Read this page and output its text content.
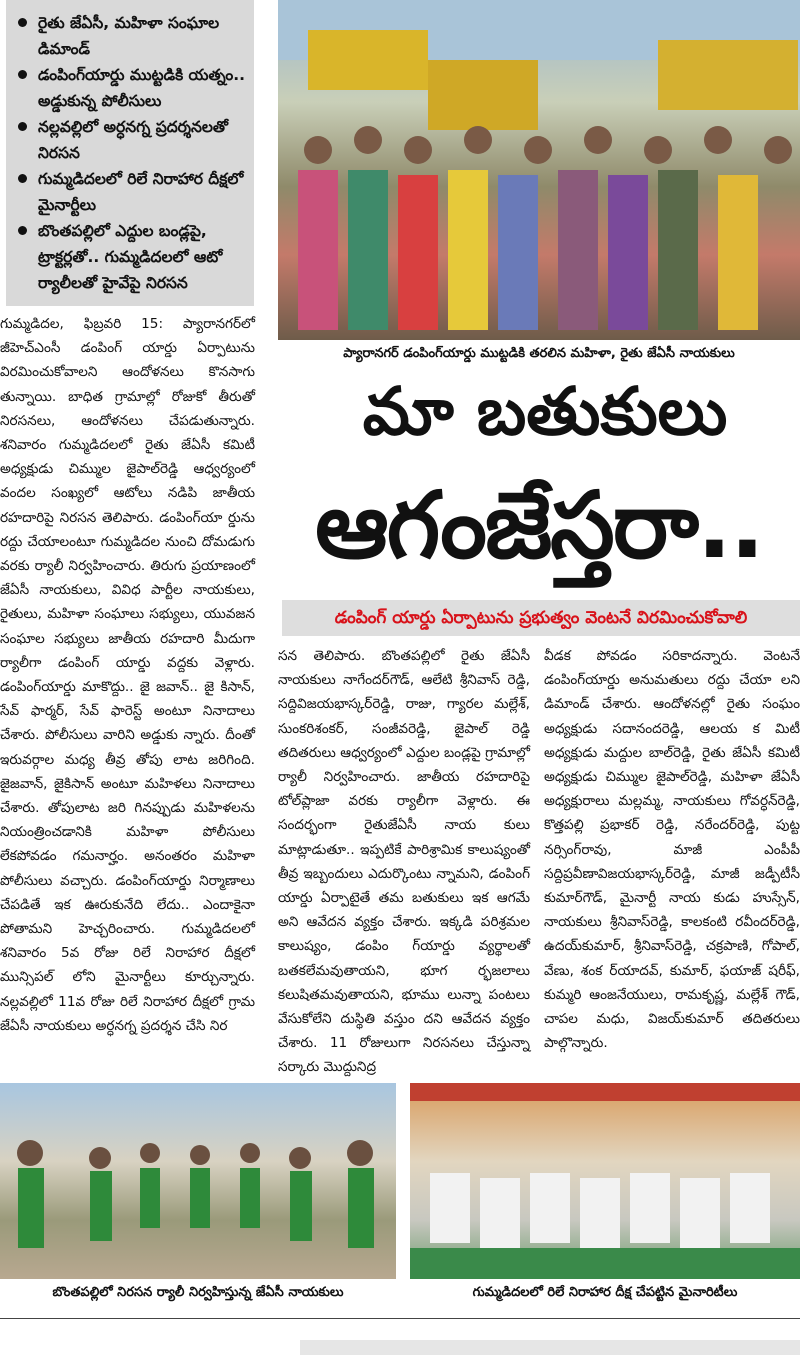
రైతు జేఏసీ, మహిళా సంఘాల డిమాండ్
డంపింగ్‌యార్డు ముట్టడికి యత్నం.. అడ్డుకున్న పోలీసులు
నల్లవల్లిలో అర్ధనగ్న ప్రదర్శనలతో నిరసన
గుమ్మడిదలలో రిలే నిరాహార దీక్షలో మైనార్టీలు
బొంతపల్లిలో ఎద్దుల బండ్లపై, ట్రాక్టర్లతో.. గుమ్మడిదలలో ఆటో ర్యాలీలతో హైవేపై నిరసన
ప్యారానగర్ డంపింగ్‌యార్డు ముట్టడికి తరలిన మహిళా, రైతు జేఏసీ నాయకులు
మా బతుకులు
ఆగంజేస్తరా..
డంపింగ్ యార్డు ఏర్పాటును ప్రభుత్వం వెంటనే విరమించుకోవాలి

గుమ్మడిదల, ఫిబ్రవరి 15: ప్యారానగర్‌లో జీహెచ్‌ఎంసీ డంపింగ్ యార్డు ఏర్పాటును విరమించుకోవాలని ఆందోళనలు కొనసాగు తున్నాయి. బాధిత గ్రామాల్లో రోజుకో తీరుతో నిరసనలు, ఆందోళనలు చేపడుతున్నారు. శనివారం గుమ్మడిదలలో రైతు జేఏసీ కమిటీ అధ్యక్షుడు చిమ్ముల జైపాల్‌రెడ్డి ఆధ్వర్యంలో వందల సంఖ్యలో ఆటోలు నడిపి జాతీయ రహదారిపై నిరసన తెలిపారు. డంపింగ్‌యా ర్డును రద్దు చేయాలంటూ గుమ్మడిదల నుంచి దోమడుగు వరకు ర్యాలీ నిర్వహించారు. తిరుగు ప్రయాణంలో జేఏసీ నాయకులు, వివిధ పార్టీల నాయకులు, రైతులు, మహిళా సంఘాలు సభ్యులు, యువజన సంఘాల సభ్యులు జాతీయ రహదారి మీదుగా ర్యాలీగా డంపింగ్ యార్డు వద్దకు వెళ్లారు. డంపింగ్‌యార్డు మాకొద్దు.. జై జవాన్.. జై కిసాన్, సేవ్ ఫార్మర్, సేవ్ ఫారెస్ట్ అంటూ నినాదాలు చేశారు. పోలీసులు వారిని అడ్డుకు న్నారు. దీంతో ఇరువర్గాల మధ్య తీవ్ర తోపు లాట జరిగింది. జైజవాన్, జైకిసాన్ అంటూ మహిళలు నినాదాలు చేశారు. తోపులాట జరి గినప్పుడు మహిళలను నియంత్రించడానికి మహిళా పోలీసులు లేకపోవడం గమనార్హం. అనంతరం మహిళా పోలీసులు వచ్చారు. డంపింగ్‌యార్డు నిర్మాణాలు చేపడితే ఇక ఊరుకునేది లేదు.. ఎందాకైనా పోతామని హెచ్చరించారు. గుమ్మడిదలలో శనివారం 5వ రోజు రిలే నిరాహార దీక్షలో మున్సిపల్ లోని మైనార్టీలు కూర్చున్నారు. నల్లవల్లిలో 11వ రోజు రిలే నిరాహార దీక్షలో గ్రామ జేఏసీ నాయకులు అర్ధనగ్న ప్రదర్శన చేసి నిర

సన తెలిపారు. బొంతపల్లిలో రైతు జేఏసీ నాయకులు నాగేందర్‌గౌడ్, ఆలేటి శ్రీనివాస్ రెడ్డి, సద్దివిజయభాస్కర్‌రెడ్డి, రాజు, గ్యారల మల్లేశ్, సుంకరిశంకర్, సంజీవరెడ్డి, జైపాల్ రెడ్డి తదితరులు ఆధ్వర్యంలో ఎద్దుల బండ్లపై గ్రామాల్లో ర్యాలీ నిర్వహించారు. జాతీయ రహదారిపై టోల్‌ప్లాజా వరకు ర్యాలీగా వెళ్లారు. ఈ సందర్భంగా రైతుజేఏసీ నాయ కులు మాట్లాడుతూ.. ఇప్పటికే పారిశ్రామిక కాలుష్యంతో తీవ్ర ఇబ్బందులు ఎదుర్కొంటు న్నామని, డంపింగ్ యార్డు ఏర్పాటైతే తమ బతుకులు ఇక ఆగమే అని ఆవేదన వ్యక్తం చేశారు. ఇక్కడి పరిశ్రమల కాలుష్యం, డంపిం గ్‌యార్డు వ్యర్థాలతో బతకలేమవుతాయని, భూగ ర్భజలాలు కలుషితమవుతాయని, భూము లున్నా పంటలు వేసుకోలేని దుస్థితి వస్తుం దని ఆవేదన వ్యక్తం చేశారు. 11 రోజులుగా నిరసనలు చేస్తున్నా సర్కారు మొద్దునిద్ర

వీడక పోవడం సరికాదన్నారు. వెంటనే డంపింగ్‌యార్డు అనుమతులు రద్దు చేయా లని డిమాండ్ చేశారు. ఆందోళనల్లో రైతు సంఘం అధ్యక్షుడు సదానందరెడ్డి, ఆలయ క మిటీ అధ్యక్షుడు మద్దుల బాల్‌రెడ్డి, రైతు జేఏసీ కమిటీ అధ్యక్షుడు చిమ్ముల జైపాల్‌రెడ్డి, మహిళా జేఏసీ అధ్యక్షురాలు మల్లమ్మ, నాయకులు గోవర్ధన్‌రెడ్డి, కొత్తపల్లి ప్రభాకర్ రెడ్డి, నరేందర్‌రెడ్డి, పుట్ట నర్సింగ్‌రావు, మాజీ ఎంపీపీ సద్దిప్రవీణావిజయభాస్కర్‌రెడ్డి, మాజీ జడ్పీటీసీ కుమార్‌గౌడ్, మైనార్టీ నాయ కుడు హుస్సేన్, నాయకులు శ్రీనివాస్‌రెడ్డి, కాలకంటి రవీందర్‌రెడ్డి, ఉదయ్‌కుమార్, శ్రీనివాస్‌రెడ్డి, చక్రపాణి, గోపాల్, వేణు, శంక ర్‌యాదవ్, కుమార్, ఫయాజ్ షరీఫ్, కుమ్మరి ఆంజనేయులు, రామకృష్ణ, మల్లేశ్ గౌడ్, చాపల మధు, విజయ్‌కుమార్ తదితరులు పాల్గొన్నారు.

బొంతపల్లిలో నిరసన ర్యాలీ నిర్వహిస్తున్న జేఏసీ నాయకులు	గుమ్మడిదలలో రిలే నిరాహార దీక్ష చేపట్టిన మైనారిటీలు
